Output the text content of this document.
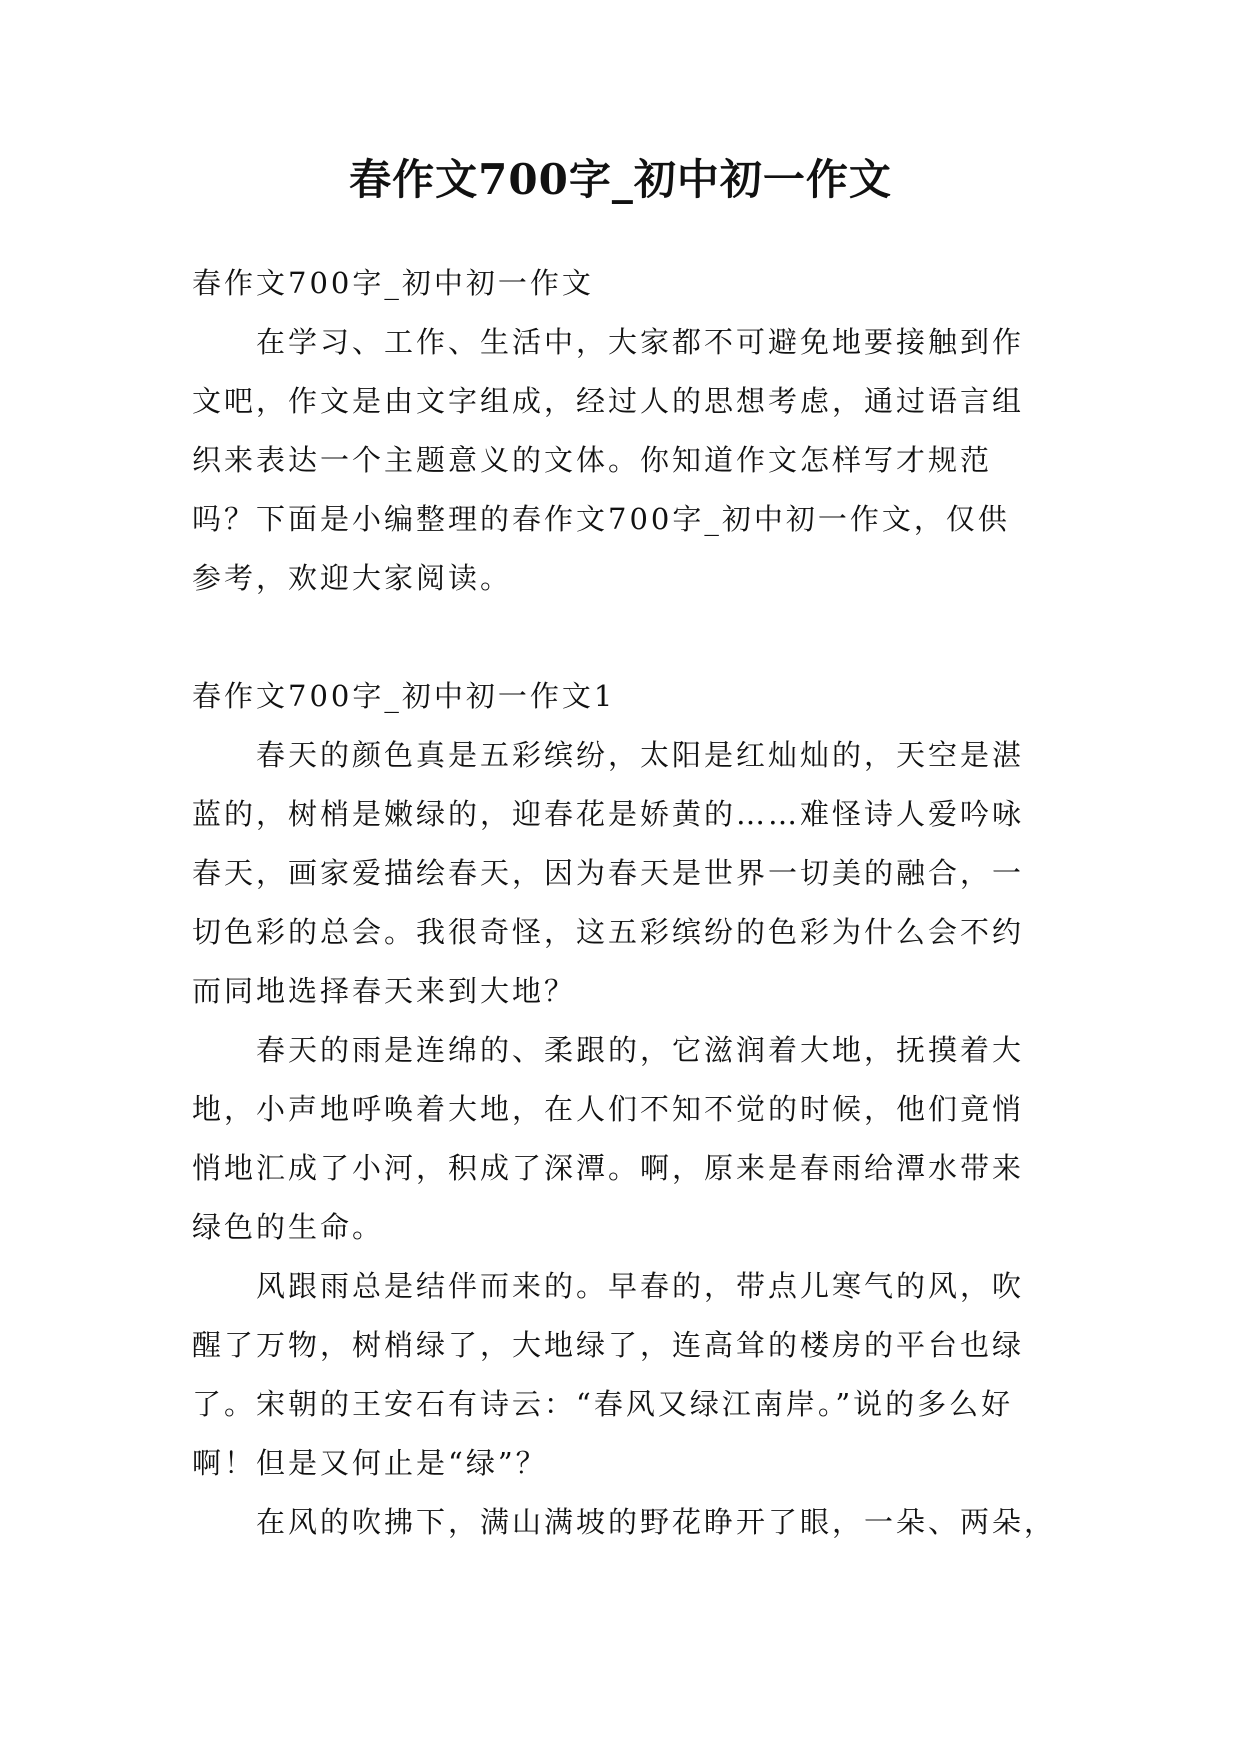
春作文700字_初中初一作文
春作文700字_初中初一作文
在学习、工作、生活中，大家都不可避免地要接触到作
文吧，作文是由文字组成，经过人的思想考虑，通过语言组
织来表达一个主题意义的文体。你知道作文怎样写才规范
吗？下面是小编整理的春作文700字_初中初一作文，仅供
参考，欢迎大家阅读。
春作文700字_初中初一作文1
春天的颜色真是五彩缤纷，太阳是红灿灿的，天空是湛
蓝的，树梢是嫩绿的，迎春花是娇黄的……难怪诗人爱吟咏
春天，画家爱描绘春天，因为春天是世界一切美的融合，一
切色彩的总会。我很奇怪，这五彩缤纷的色彩为什么会不约
而同地选择春天来到大地？
春天的雨是连绵的、柔跟的，它滋润着大地，抚摸着大
地，小声地呼唤着大地，在人们不知不觉的时候，他们竟悄
悄地汇成了小河，积成了深潭。啊，原来是春雨给潭水带来
绿色的生命。
风跟雨总是结伴而来的。早春的，带点儿寒气的风，吹
醒了万物，树梢绿了，大地绿了，连高耸的楼房的平台也绿
了。宋朝的王安石有诗云：“春风又绿江南岸。”说的多么好
啊！但是又何止是“绿”？
在风的吹拂下，满山满坡的野花睁开了眼，一朵、两朵，
